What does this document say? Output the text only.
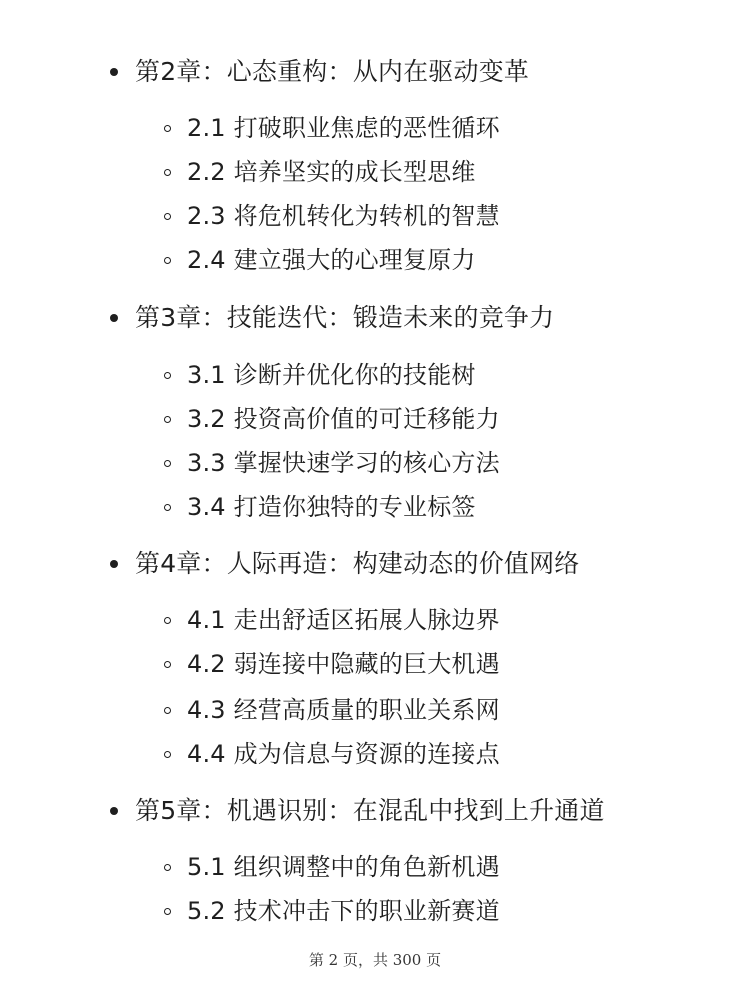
第2章：心态重构：从内在驱动变革
2.1 打破职业焦虑的恶性循环
2.2 培养坚实的成长型思维
2.3 将危机转化为转机的智慧
2.4 建立强大的心理复原力
第3章：技能迭代：锻造未来的竞争力
3.1 诊断并优化你的技能树
3.2 投资高价值的可迁移能力
3.3 掌握快速学习的核心方法
3.4 打造你独特的专业标签
第4章：人际再造：构建动态的价值网络
4.1 走出舒适区拓展人脉边界
4.2 弱连接中隐藏的巨大机遇
4.3 经营高质量的职业关系网
4.4 成为信息与资源的连接点
第5章：机遇识别：在混乱中找到上升通道
5.1 组织调整中的角色新机遇
5.2 技术冲击下的职业新赛道
第 2 页，共 300 页
